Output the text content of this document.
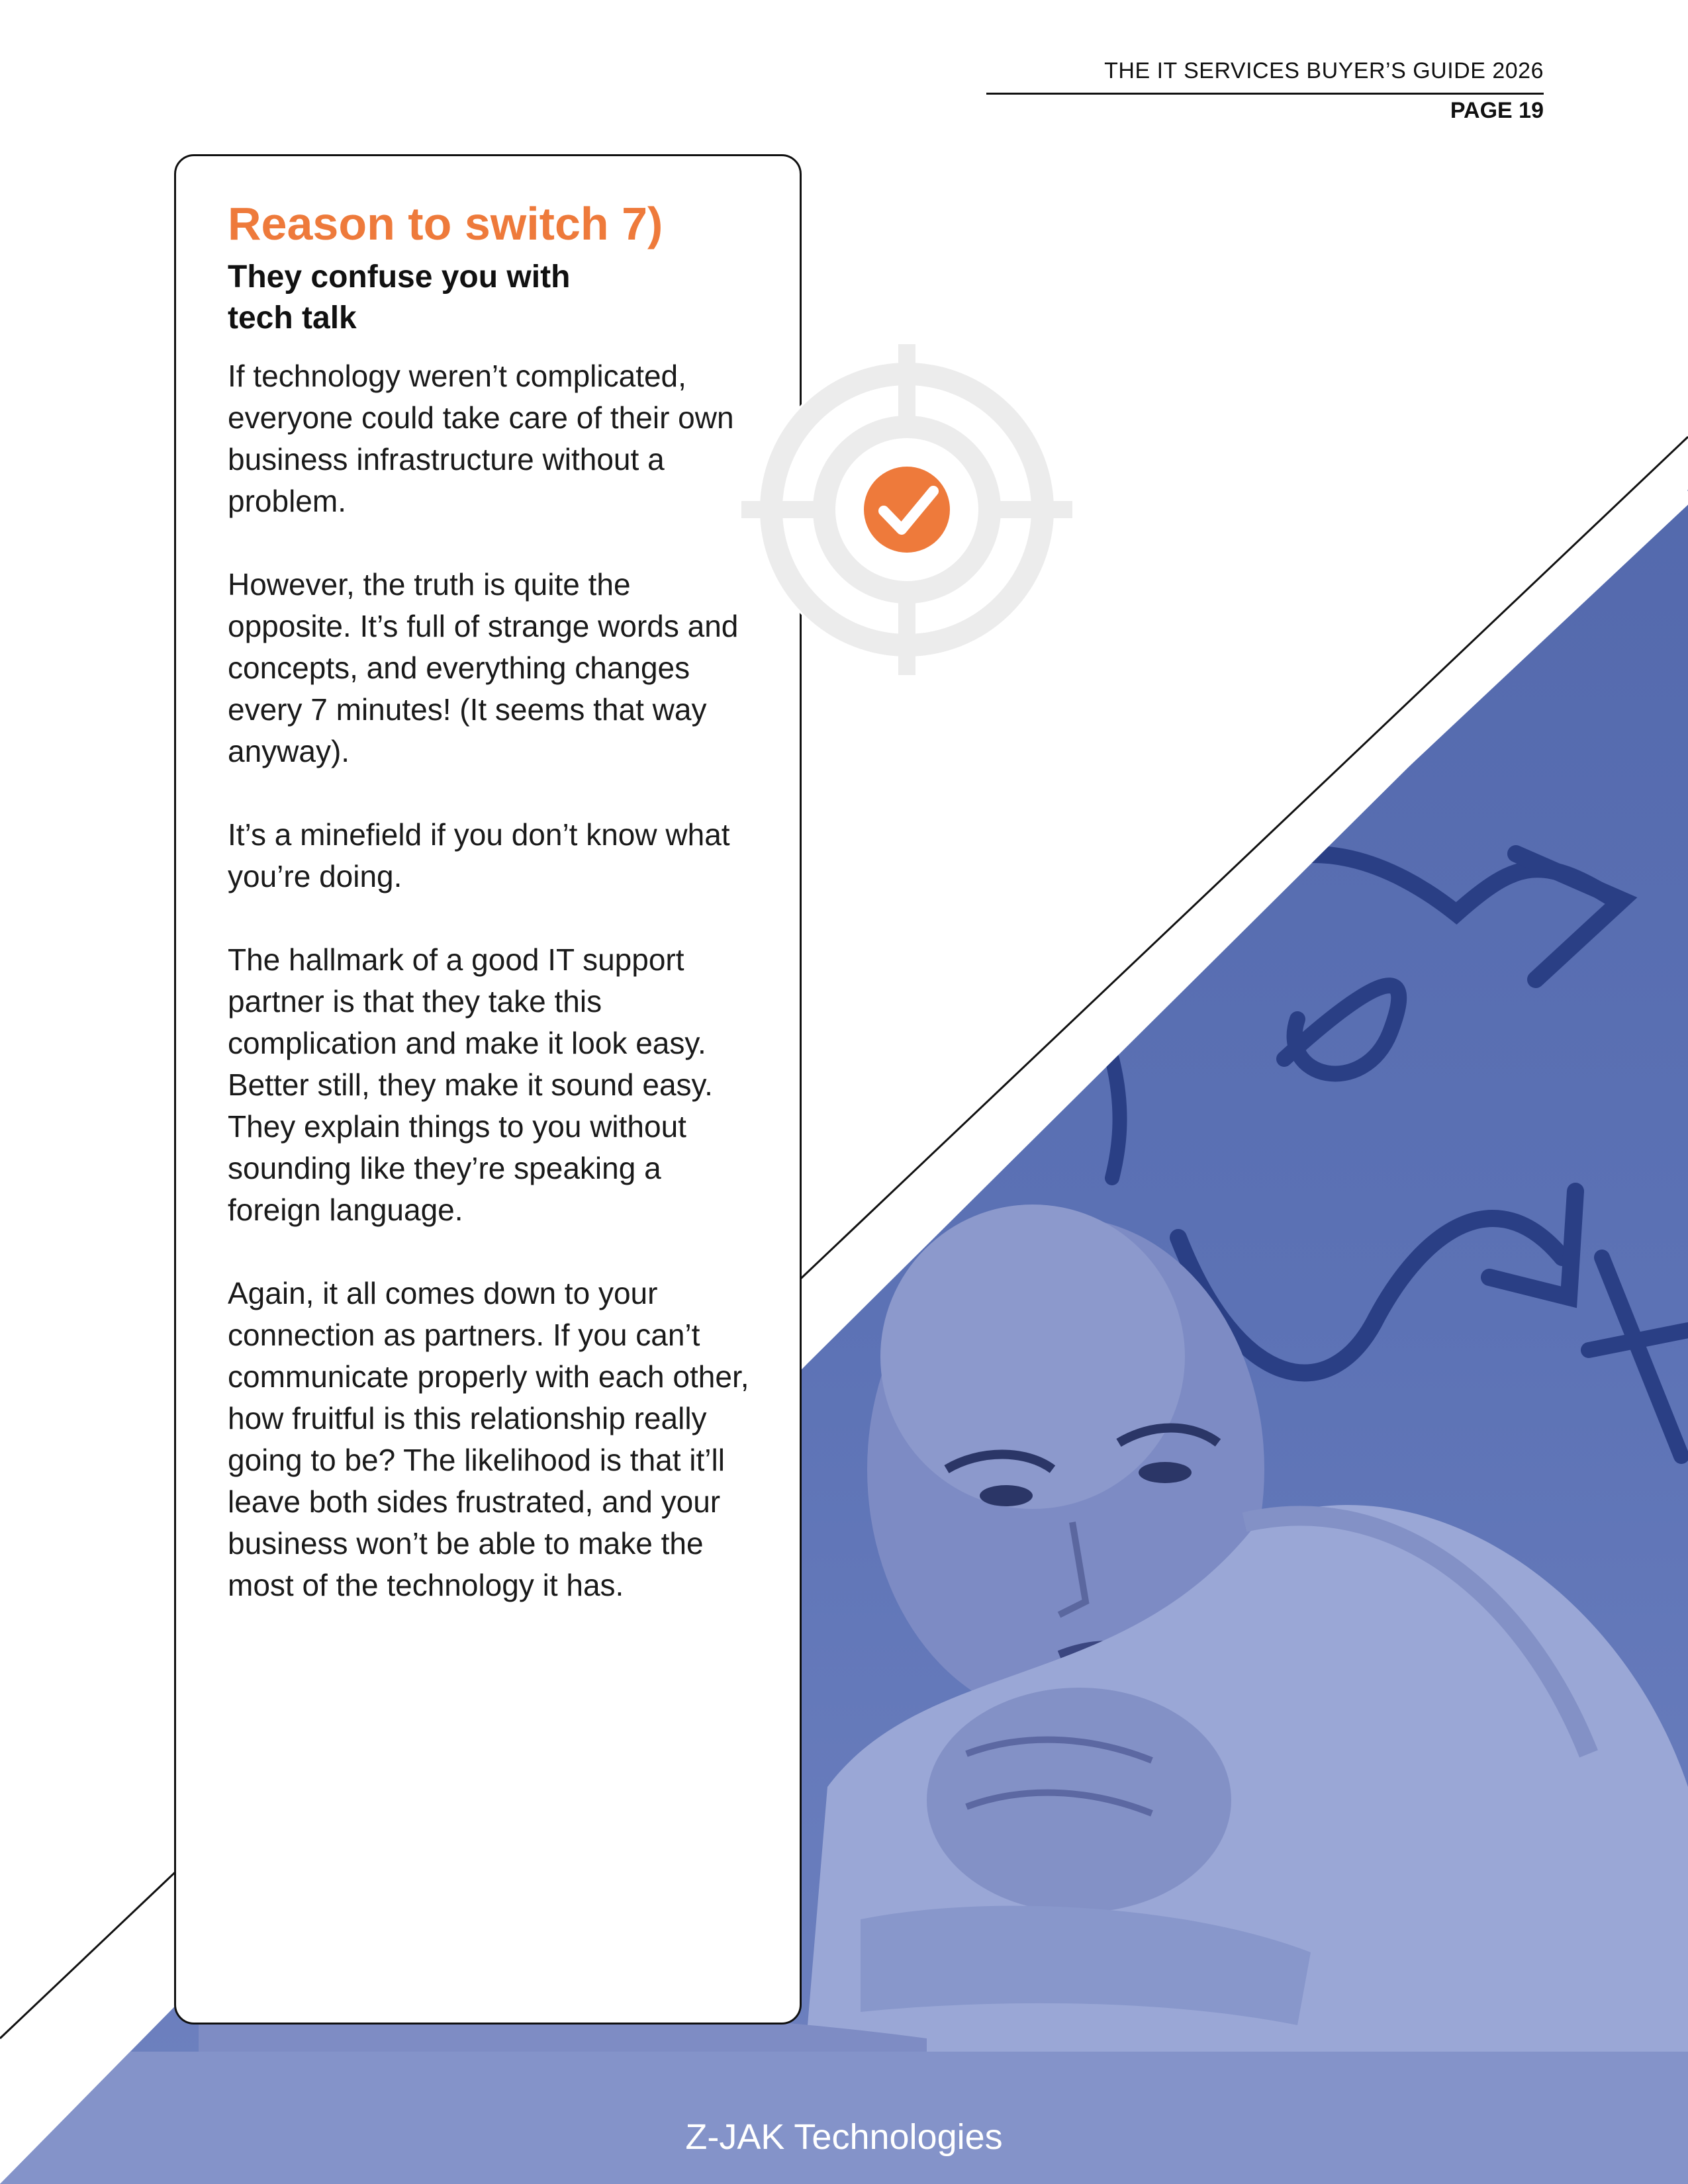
THE IT SERVICES BUYER’S GUIDE 2026
PAGE 19
Reason to switch 7)
They confuse you with tech talk

If technology weren’t complicated, everyone could take care of their own business infrastructure without a problem.

However, the truth is quite the opposite. It’s full of strange words and concepts, and everything changes every 7 minutes! (It seems that way anyway).

It’s a minefield if you don’t know what you’re doing.

The hallmark of a good IT support partner is that they take this complication and make it look easy. Better still, they make it sound easy. They explain things to you without sounding like they’re speaking a foreign language.

Again, it all comes down to your connection as partners. If you can’t communicate properly with each other, how fruitful is this relationship really going to be? The likelihood is that it’ll leave both sides frustrated, and your business won’t be able to make the most of the technology it has.

Z-JAK Technologies
